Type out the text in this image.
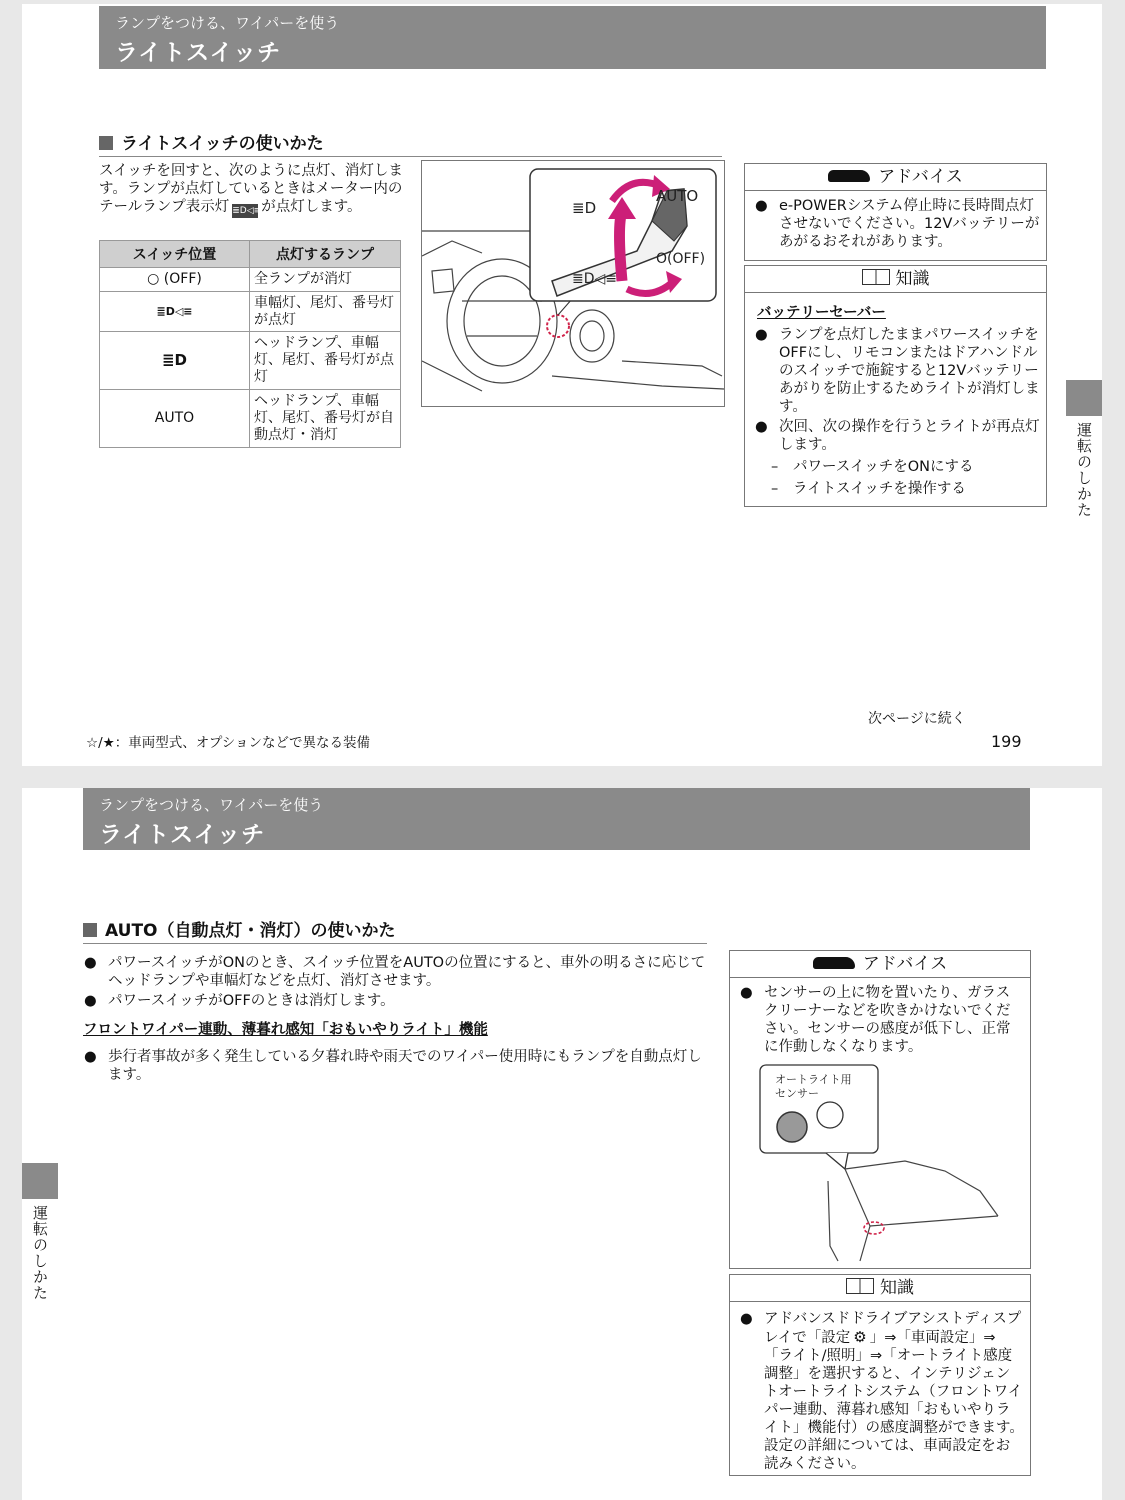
ランプをつける、ワイパーを使う
ライトスイッチ
ライトスイッチの使いかた
スイッチを回すと、次のように点灯、消灯します。ランプが点灯しているときはメーター内のテールランプ表示灯 ≣D◁≡が点灯します。
スイッチ位置	点灯するランプ
○ (OFF)	全ランプが消灯
≣D◁≡	車幅灯、尾灯、番号灯が点灯
≣D	ヘッドランプ、車幅灯、尾灯、番号灯が点灯
AUTO	ヘッドランプ、車幅灯、尾灯、番号灯が自動点灯・消灯
≣D
≣D◁≡
AUTO
O(OFF)
アドバイス
● e-POWERシステム停止時に長時間点灯させないでください。12Vバッテリーがあがるおそれがあります。
知識
バッテリーセーバー
● ランプを点灯したままパワースイッチをOFFにし、リモコンまたはドアハンドルのスイッチで施錠すると12Vバッテリーあがりを防止するためライトが消灯します。
● 次回、次の操作を行うとライトが再点灯します。
– パワースイッチをONにする
– ライトスイッチを操作する	運転のしかた
次ページに続く
☆/★：車両型式、オプションなどで異なる装備	199
ランプをつける、ワイパーを使う
ライトスイッチ
AUTO（自動点灯・消灯）の使いかた
● パワースイッチがONのとき、スイッチ位置をAUTOの位置にすると、車外の明るさに応じてヘッドランプや車幅灯などを点灯、消灯させます。
● パワースイッチがOFFのときは消灯します。
フロントワイパー連動、薄暮れ感知「おもいやりライト」機能
● 歩行者事故が多く発生している夕暮れ時や雨天でのワイパー使用時にもランプを自動点灯します。
アドバイス
● センサーの上に物を置いたり、ガラスクリーナーなどを吹きかけないでください。センサーの感度が低下し、正常に作動しなくなります。
オートライト用
センサー
知識
● アドバンスドドライブアシストディスプレイで「設定 ⚙ 」⇒「車両設定」⇒「ライト/照明」⇒「オートライト感度調整」を選択すると、インテリジェントオートライトシステム（フロントワイパー連動、薄暮れ感知「おもいやりライト」機能付）の感度調整ができます。
設定の詳細については、車両設定をお読みください。
運転のしかた
